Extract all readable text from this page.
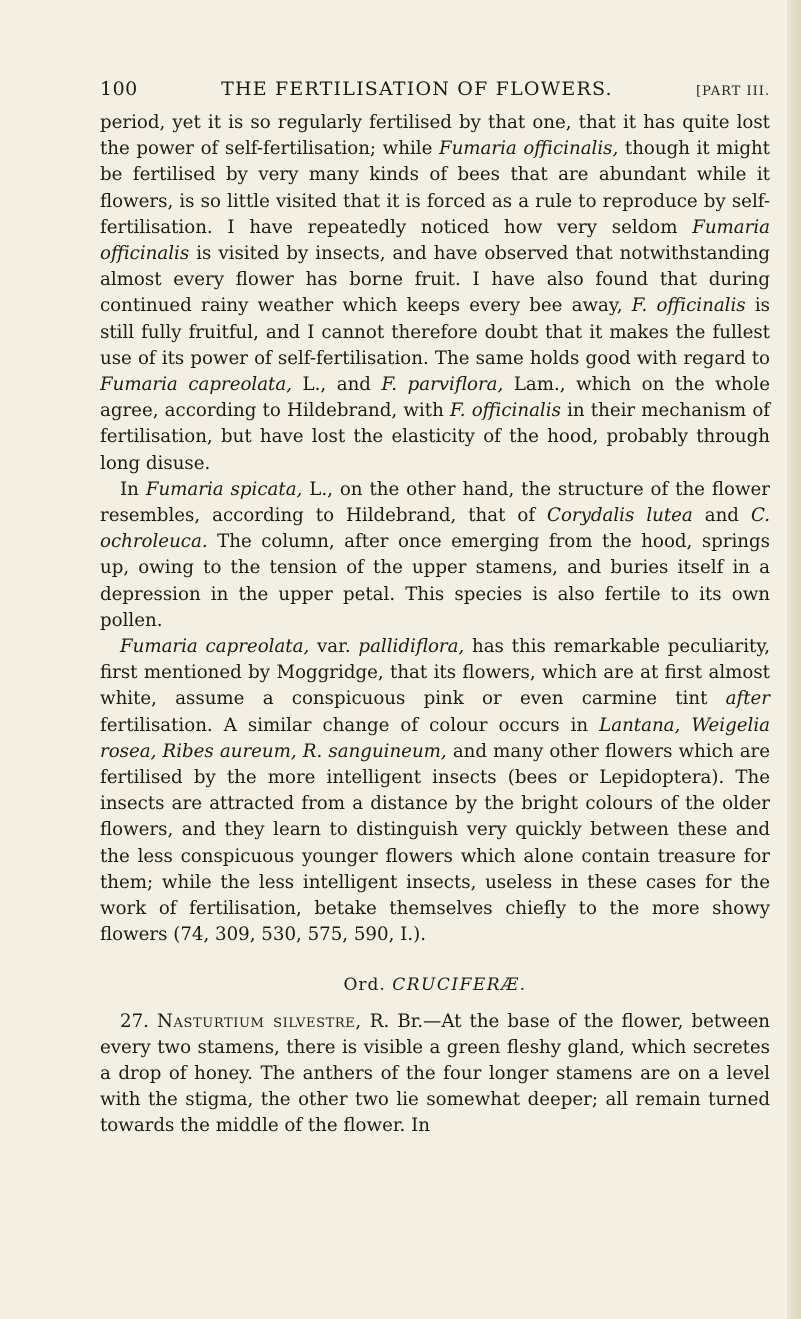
100	THE FERTILISATION OF FLOWERS.	[PART III.

period, yet it is so regularly fertilised by that one, that it has quite lost the power of self-fertilisation; while Fumaria officinalis, though it might be fertilised by very many kinds of bees that are abundant while it flowers, is so little visited that it is forced as a rule to reproduce by self-fertilisation. I have repeatedly noticed how very seldom Fumaria officinalis is visited by insects, and have observed that notwithstanding almost every flower has borne fruit. I have also found that during continued rainy weather which keeps every bee away, F. officinalis is still fully fruitful, and I cannot therefore doubt that it makes the fullest use of its power of self-fertilisation. The same holds good with regard to Fumaria capreolata, L., and F. parviflora, Lam., which on the whole agree, according to Hildebrand, with F. officinalis in their mechanism of fertilisation, but have lost the elasticity of the hood, probably through long disuse.

In Fumaria spicata, L., on the other hand, the structure of the flower resembles, according to Hildebrand, that of Corydalis lutea and C. ochroleuca. The column, after once emerging from the hood, springs up, owing to the tension of the upper stamens, and buries itself in a depression in the upper petal. This species is also fertile to its own pollen.

Fumaria capreolata, var. pallidiflora, has this remarkable peculiarity, first mentioned by Moggridge, that its flowers, which are at first almost white, assume a conspicuous pink or even carmine tint after fertilisation. A similar change of colour occurs in Lantana, Weigelia rosea, Ribes aureum, R. sanguineum, and many other flowers which are fertilised by the more intelligent insects (bees or Lepidoptera). The insects are attracted from a distance by the bright colours of the older flowers, and they learn to distinguish very quickly between these and the less conspicuous younger flowers which alone contain treasure for them; while the less intelligent insects, useless in these cases for the work of fertilisation, betake themselves chiefly to the more showy flowers (74, 309, 530, 575, 590, I.).

Ord. CRUCIFERÆ.

27. Nasturtium silvestre, R. Br.—At the base of the flower, between every two stamens, there is visible a green fleshy gland, which secretes a drop of honey. The anthers of the four longer stamens are on a level with the stigma, the other two lie somewhat deeper; all remain turned towards the middle of the flower. In
